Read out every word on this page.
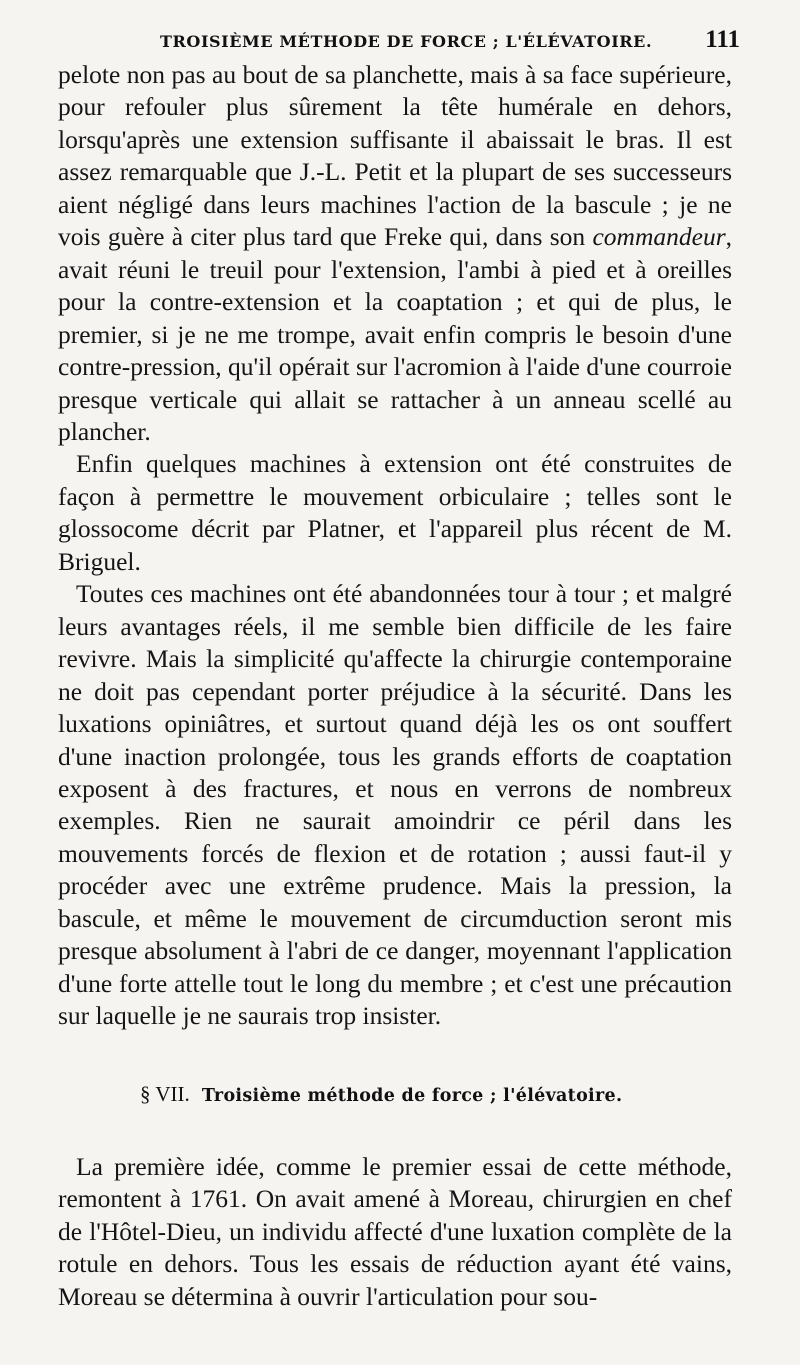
TROISIÈME MÉTHODE DE FORCE ; L'ÉLÉVATOIRE. 111

pelote non pas au bout de sa planchette, mais à sa face supérieure, pour refouler plus sûrement la tête humérale en dehors, lorsqu'après une extension suffisante il abaissait le bras. Il est assez remarquable que J.-L. Petit et la plupart de ses successeurs aient négligé dans leurs machines l'action de la bascule ; je ne vois guère à citer plus tard que Freke qui, dans son commandeur, avait réuni le treuil pour l'extension, l'ambi à pied et à oreilles pour la contre-extension et la coaptation ; et qui de plus, le premier, si je ne me trompe, avait enfin compris le besoin d'une contre-pression, qu'il opérait sur l'acromion à l'aide d'une courroie presque verticale qui allait se rattacher à un anneau scellé au plancher.

Enfin quelques machines à extension ont été construites de façon à permettre le mouvement orbiculaire ; telles sont le glossocome décrit par Platner, et l'appareil plus récent de M. Briguel.

Toutes ces machines ont été abandonnées tour à tour ; et malgré leurs avantages réels, il me semble bien difficile de les faire revivre. Mais la simplicité qu'affecte la chirurgie contemporaine ne doit pas cependant porter préjudice à la sécurité. Dans les luxations opiniâtres, et surtout quand déjà les os ont souffert d'une inaction prolongée, tous les grands efforts de coaptation exposent à des fractures, et nous en verrons de nombreux exemples. Rien ne saurait amoindrir ce péril dans les mouvements forcés de flexion et de rotation ; aussi faut-il y procéder avec une extrême prudence. Mais la pression, la bascule, et même le mouvement de circumduction seront mis presque absolument à l'abri de ce danger, moyennant l'application d'une forte attelle tout le long du membre ; et c'est une précaution sur laquelle je ne saurais trop insister.

§ VII. Troisième méthode de force ; l'élévatoire.

La première idée, comme le premier essai de cette méthode, remontent à 1761. On avait amené à Moreau, chirurgien en chef de l'Hôtel-Dieu, un individu affecté d'une luxation complète de la rotule en dehors. Tous les essais de réduction ayant été vains, Moreau se détermina à ouvrir l'articulation pour sou-
